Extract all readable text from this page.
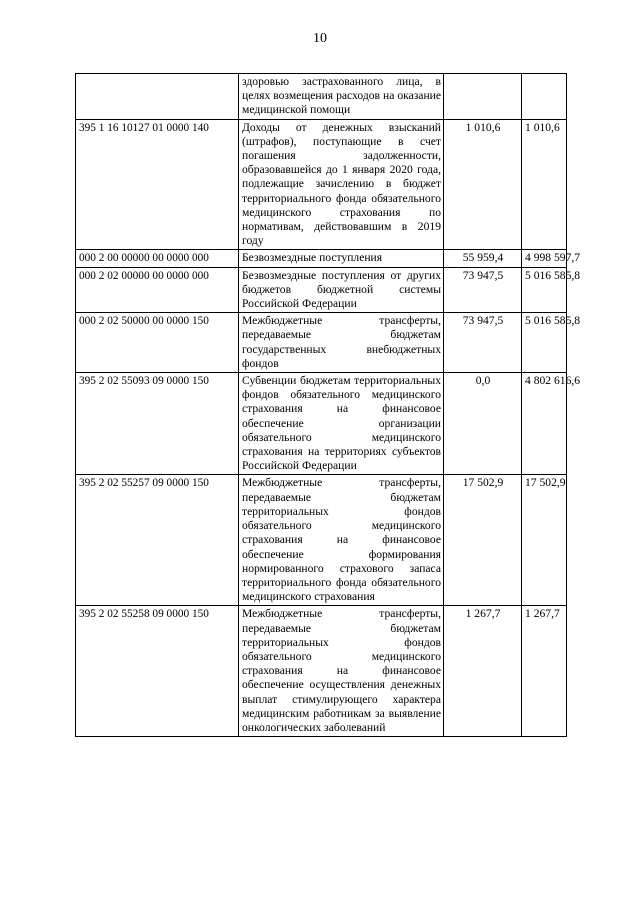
10
	здоровью застрахованного лица, в целях возмещения расходов на оказание медицинской помощи		
395 1 16 10127 01 0000 140	Доходы от денежных взысканий (штрафов), поступающие в счет погашения задолженности, образовавшейся до 1 января 2020 года, подлежащие зачислению в бюджет территориального фонда обязательного медицинского страхования по нормативам, действовавшим в 2019 году	1 010,6	1 010,6
000 2 00 00000 00 0000 000	Безвозмездные поступления	55 959,4	4 998 597,7
000 2 02 00000 00 0000 000	Безвозмездные поступления от других бюджетов бюджетной системы Российской Федерации	73 947,5	5 016 585,8
000 2 02 50000 00 0000 150	Межбюджетные трансферты, передаваемые бюджетам государственных внебюджетных фондов	73 947,5	5 016 585,8
395 2 02 55093 09 0000 150	Субвенции бюджетам территориальных фондов обязательного медицинского страхования на финансовое обеспечение организации обязательного медицинского страхования на территориях субъектов Российской Федерации	0,0	4 802 616,6
395 2 02 55257 09 0000 150	Межбюджетные трансферты, передаваемые бюджетам территориальных фондов обязательного медицинского страхования на финансовое обеспечение формирования нормированного страхового запаса территориального фонда обязательного медицинского страхования	17 502,9	17 502,9
395 2 02 55258 09 0000 150	Межбюджетные трансферты, передаваемые бюджетам территориальных фондов обязательного медицинского страхования на финансовое обеспечение осуществления денежных выплат стимулирующего характера медицинским работникам за выявление онкологических заболеваний	1 267,7	1 267,7
